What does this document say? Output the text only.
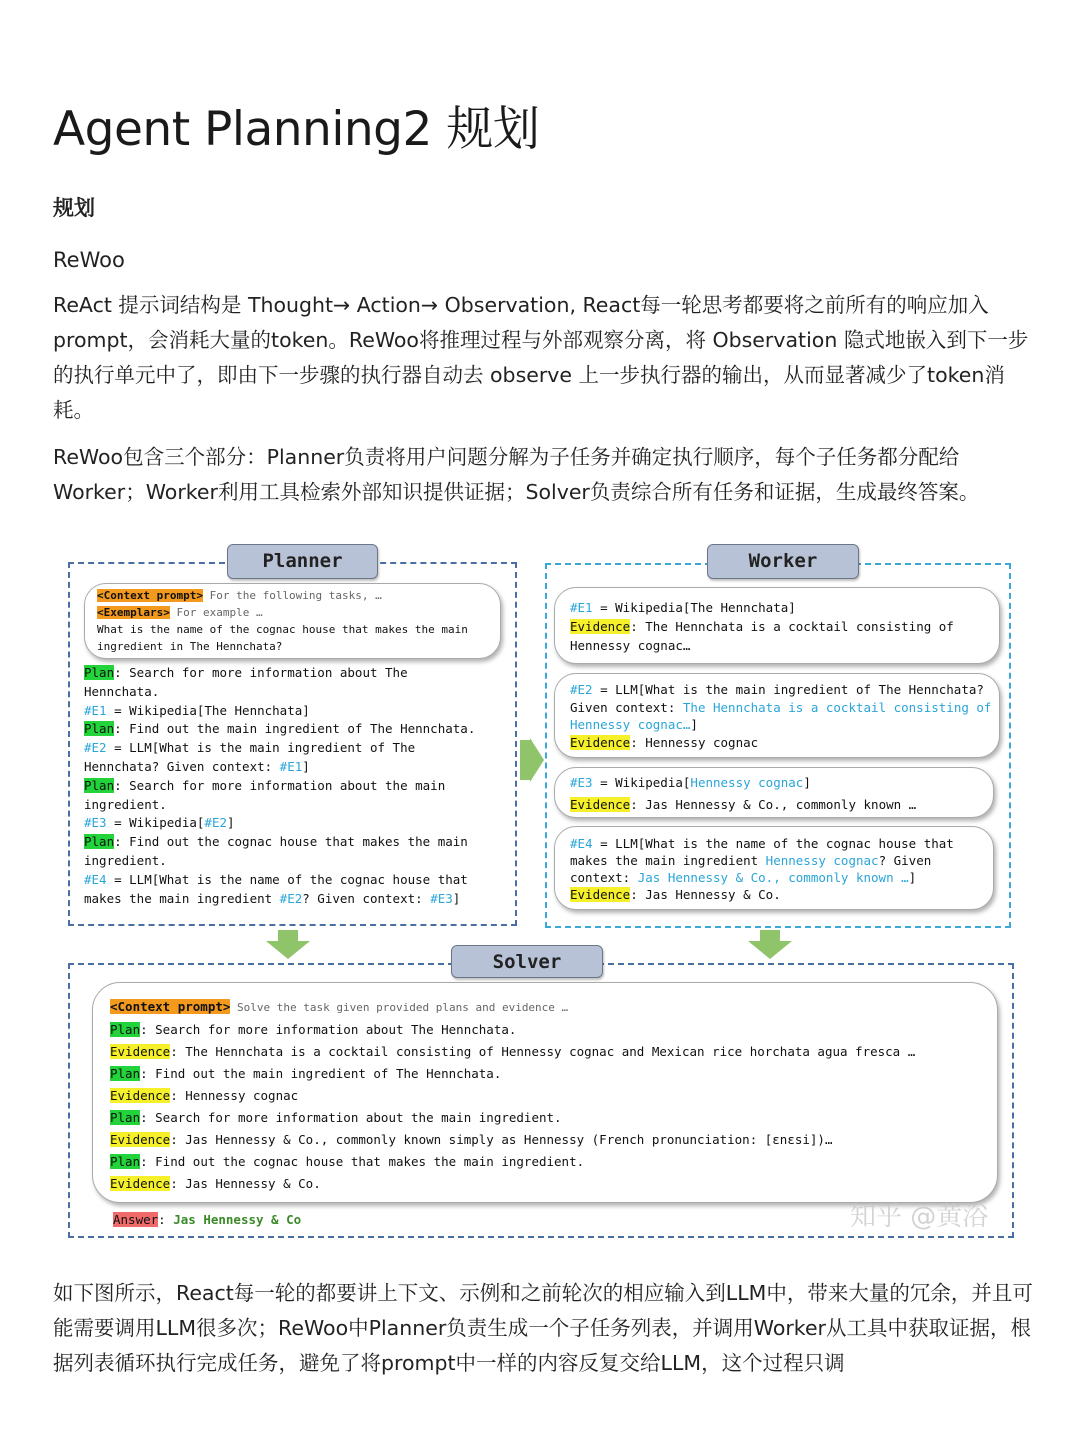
Agent Planning2 规划
规划
ReWoo

ReAct 提示词结构是 Thought→ Action→ Observation, React每一轮思考都要将之前所有的响应加入prompt，会消耗大量的token。ReWoo将推理过程与外部观察分离，将 Observation 隐式地嵌入到下一步的执行单元中了，即由下一步骤的执行器自动去 observe 上一步执行器的输出，从而显著减少了token消耗。

ReWoo包含三个部分：Planner负责将用户问题分解为子任务并确定执行顺序，每个子任务都分配给Worker；Worker利用工具检索外部知识提供证据；Solver负责综合所有任务和证据，生成最终答案。

Planner
<Context prompt> For the following tasks, …
<Exemplars> For example …
What is the name of the cognac house that makes the main
ingredient in The Hennchata?
Plan: Search for more information about The
Hennchata.
#E1 = Wikipedia[The Hennchata]
Plan: Find out the main ingredient of The Hennchata.
#E2 = LLM[What is the main ingredient of The
Hennchata? Given context: #E1]
Plan: Search for more information about the main
ingredient.
#E3 = Wikipedia[#E2]
Plan: Find out the cognac house that makes the main
ingredient.
#E4 = LLM[What is the name of the cognac house that
makes the main ingredient #E2? Given context: #E3]
Worker
#E1 = Wikipedia[The Hennchata]
Evidence: The Hennchata is a cocktail consisting of
Hennessy cognac…
#E2 = LLM[What is the main ingredient of The Hennchata?
Given context: The Hennchata is a cocktail consisting of
Hennessy cognac…]
Evidence: Hennessy cognac
#E3 = Wikipedia[Hennessy cognac]
Evidence: Jas Hennessy & Co., commonly known …
#E4 = LLM[What is the name of the cognac house that
makes the main ingredient Hennessy cognac? Given
context: Jas Hennessy & Co., commonly known …]
Evidence: Jas Hennessy & Co.
Solver
<Context prompt> Solve the task given provided plans and evidence …
Plan: Search for more information about The Hennchata.
Evidence: The Hennchata is a cocktail consisting of Hennessy cognac and Mexican rice horchata agua fresca …
Plan: Find out the main ingredient of The Hennchata.
Evidence: Hennessy cognac
Plan: Search for more information about the main ingredient.
Evidence: Jas Hennessy & Co., commonly known simply as Hennessy (French pronunciation: [ɛnɛsi])…
Plan: Find out the cognac house that makes the main ingredient.
Evidence: Jas Hennessy & Co.
Answer: Jas Hennessy & Co	知乎 @黄浴

如下图所示，React每一轮的都要讲上下文、示例和之前轮次的相应输入到LLM中，带来大量的冗余，并且可能需要调用LLM很多次；ReWoo中Planner负责生成一个子任务列表，并调用Worker从工具中获取证据，根据列表循环执行完成任务，避免了将prompt中一样的内容反复交给LLM，这个过程只调
